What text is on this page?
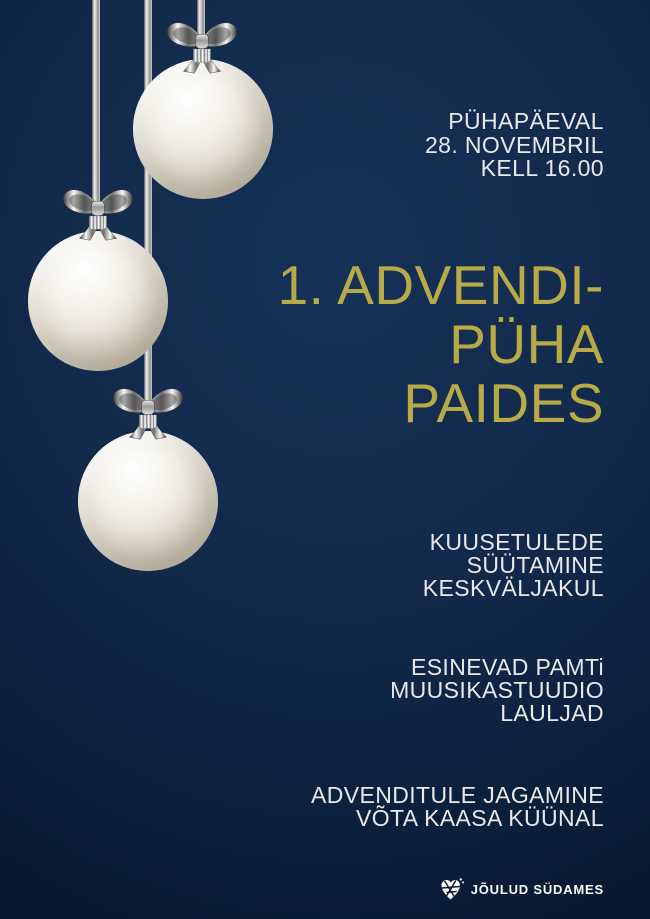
PÜHAPÄEVAL
28. NOVEMBRIL
KELL 16.00
1. ADVENDI-
PÜHA
PAIDES
KUUSETULEDE
SÜÜTAMINE
KESKVÄLJAKUL
ESINEVAD PAMTi
MUUSIKASTUUDIO
LAULJAD
ADVENDITULE JAGAMINE
VÕTA KAASA KÜÜNAL
JÕULUD SÜDAMES
